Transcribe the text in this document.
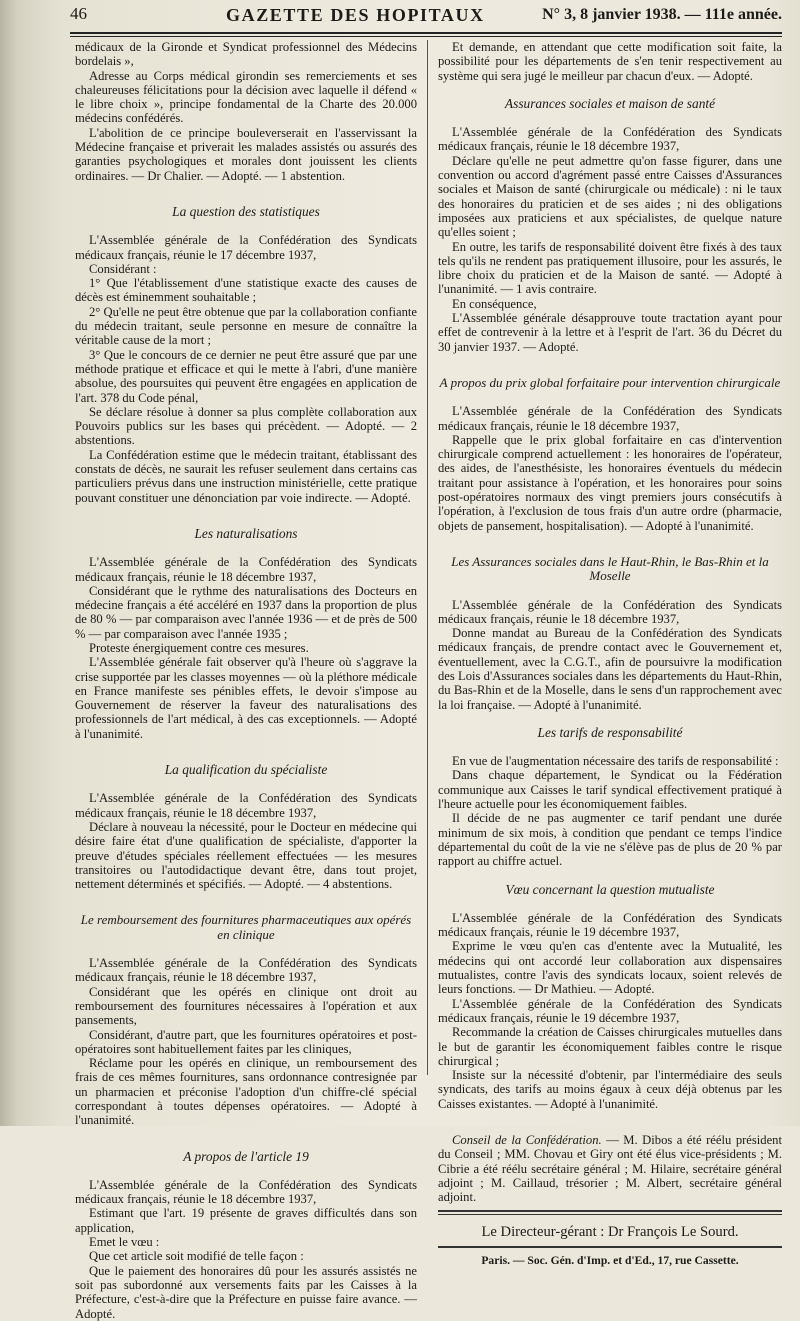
46	GAZETTE DES HOPITAUX	N° 3, 8 janvier 1938. — 111e année.

médicaux de la Gironde et Syndicat professionnel des Médecins bordelais »,

Adresse au Corps médical girondin ses remerciements et ses chaleureuses félicitations pour la décision avec laquelle il défend « le libre choix », principe fondamental de la Charte des 20.000 médecins confédérés.

L'abolition de ce principe bouleverserait en l'asservissant la Médecine française et priverait les malades assistés ou assurés des garanties psychologiques et morales dont jouissent les clients ordinaires. — Dr Chalier. — Adopté. — 1 abstention.

La question des statistiques

L'Assemblée générale de la Confédération des Syndicats médicaux français, réunie le 17 décembre 1937,

Considérant :

1° Que l'établissement d'une statistique exacte des causes de décès est éminemment souhaitable ;

2° Qu'elle ne peut être obtenue que par la collaboration confiante du médecin traitant, seule personne en mesure de connaître la véritable cause de la mort ;

3° Que le concours de ce dernier ne peut être assuré que par une méthode pratique et efficace et qui le mette à l'abri, d'une manière absolue, des poursuites qui peuvent être engagées en application de l'art. 378 du Code pénal,

Se déclare résolue à donner sa plus complète collaboration aux Pouvoirs publics sur les bases qui précèdent. — Adopté. — 2 abstentions.

La Confédération estime que le médecin traitant, établissant des constats de décès, ne saurait les refuser seulement dans certains cas particuliers prévus dans une instruction ministérielle, cette pratique pouvant constituer une dénonciation par voie indirecte. — Adopté.

Les naturalisations

L'Assemblée générale de la Confédération des Syndicats médicaux français, réunie le 18 décembre 1937,

Considérant que le rythme des naturalisations des Docteurs en médecine français a été accéléré en 1937 dans la proportion de plus de 80 % — par comparaison avec l'année 1936 — et de près de 500 % — par comparaison avec l'année 1935 ;

Proteste énergiquement contre ces mesures.

L'Assemblée générale fait observer qu'à l'heure où s'aggrave la crise supportée par les classes moyennes — où la pléthore médicale en France manifeste ses pénibles effets, le devoir s'impose au Gouvernement de réserver la faveur des naturalisations des professionnels de l'art médical, à des cas exceptionnels. — Adopté à l'unanimité.

La qualification du spécialiste

L'Assemblée générale de la Confédération des Syndicats médicaux français, réunie le 18 décembre 1937,

Déclare à nouveau la nécessité, pour le Docteur en médecine qui désire faire état d'une qualification de spécialiste, d'apporter la preuve d'études spéciales réellement effectuées — les mesures transitoires ou l'autodidactique devant être, dans tout projet, nettement déterminés et spécifiés. — Adopté. — 4 abstentions.

Le remboursement des fournitures pharmaceutiques aux opérés en clinique

L'Assemblée générale de la Confédération des Syndicats médicaux français, réunie le 18 décembre 1937,

Considérant que les opérés en clinique ont droit au remboursement des fournitures nécessaires à l'opération et aux pansements,

Considérant, d'autre part, que les fournitures opératoires et post-opératoires sont habituellement faites par les cliniques,

Réclame pour les opérés en clinique, un remboursement des frais de ces mêmes fournitures, sans ordonnance contresignée par un pharmacien et préconise l'adoption d'un chiffre-clé spécial correspondant à toutes dépenses opératoires. — Adopté à l'unanimité.

A propos de l'article 19

L'Assemblée générale de la Confédération des Syndicats médicaux français, réunie le 18 décembre 1937,

Estimant que l'art. 19 présente de graves difficultés dans son application,

Emet le vœu :

Que cet article soit modifié de telle façon :

Que le paiement des honoraires dû pour les assurés assistés ne soit pas subordonné aux versements faits par les Caisses à la Préfecture, c'est-à-dire que la Préfecture en puisse faire avance. — Adopté.

Et demande, en attendant que cette modification soit faite, la possibilité pour les départements de s'en tenir respectivement au système qui sera jugé le meilleur par chacun d'eux. — Adopté.

Assurances sociales et maison de santé

L'Assemblée générale de la Confédération des Syndicats médicaux français, réunie le 18 décembre 1937,

Déclare qu'elle ne peut admettre qu'on fasse figurer, dans une convention ou accord d'agrément passé entre Caisses d'Assurances sociales et Maison de santé (chirurgicale ou médicale) : ni le taux des honoraires du praticien et de ses aides ; ni des obligations imposées aux praticiens et aux spécialistes, de quelque nature qu'elles soient ;

En outre, les tarifs de responsabilité doivent être fixés à des taux tels qu'ils ne rendent pas pratiquement illusoire, pour les assurés, le libre choix du praticien et de la Maison de santé. — Adopté à l'unanimité. — 1 avis contraire.

En conséquence,

L'Assemblée générale désapprouve toute tractation ayant pour effet de contrevenir à la lettre et à l'esprit de l'art. 36 du Décret du 30 janvier 1937. — Adopté.

A propos du prix global forfaitaire pour intervention chirurgicale

L'Assemblée générale de la Confédération des Syndicats médicaux français, réunie le 18 décembre 1937,

Rappelle que le prix global forfaitaire en cas d'intervention chirurgicale comprend actuellement : les honoraires de l'opérateur, des aides, de l'anesthésiste, les honoraires éventuels du médecin traitant pour assistance à l'opération, et les honoraires pour soins post-opératoires normaux des vingt premiers jours consécutifs à l'opération, à l'exclusion de tous frais d'un autre ordre (pharmacie, objets de pansement, hospitalisation). — Adopté à l'unanimité.

Les Assurances sociales dans le Haut-Rhin, le Bas-Rhin et la Moselle

L'Assemblée générale de la Confédération des Syndicats médicaux français, réunie le 18 décembre 1937,

Donne mandat au Bureau de la Confédération des Syndicats médicaux français, de prendre contact avec le Gouvernement et, éventuellement, avec la C.G.T., afin de poursuivre la modification des Lois d'Assurances sociales dans les départements du Haut-Rhin, du Bas-Rhin et de la Moselle, dans le sens d'un rapprochement avec la loi française. — Adopté à l'unanimité.

Les tarifs de responsabilité

En vue de l'augmentation nécessaire des tarifs de responsabilité :

Dans chaque département, le Syndicat ou la Fédération communique aux Caisses le tarif syndical effectivement pratiqué à l'heure actuelle pour les économiquement faibles.

Il décide de ne pas augmenter ce tarif pendant une durée minimum de six mois, à condition que pendant ce temps l'indice départemental du coût de la vie ne s'élève pas de plus de 20 % par rapport au chiffre actuel.

Vœu concernant la question mutualiste

L'Assemblée générale de la Confédération des Syndicats médicaux français, réunie le 19 décembre 1937,

Exprime le vœu qu'en cas d'entente avec la Mutualité, les médecins qui ont accordé leur collaboration aux dispensaires mutualistes, contre l'avis des syndicats locaux, soient relevés de leurs fonctions. — Dr Mathieu. — Adopté.

L'Assemblée générale de la Confédération des Syndicats médicaux français, réunie le 19 décembre 1937,

Recommande la création de Caisses chirurgicales mutuelles dans le but de garantir les économiquement faibles contre le risque chirurgical ;

Insiste sur la nécessité d'obtenir, par l'intermédiaire des seuls syndicats, des tarifs au moins égaux à ceux déjà obtenus par les Caisses existantes. — Adopté à l'unanimité.

Conseil de la Confédération. — M. Dibos a été réélu président du Conseil ; MM. Chovau et Giry ont été élus vice-présidents ; M. Cibrie a été réélu secrétaire général ; M. Hilaire, secrétaire général adjoint ; M. Caillaud, trésorier ; M. Albert, secrétaire général adjoint.

Le Directeur-gérant : Dr François Le Sourd.

Paris. — Soc. Gén. d'Imp. et d'Ed., 17, rue Cassette.
